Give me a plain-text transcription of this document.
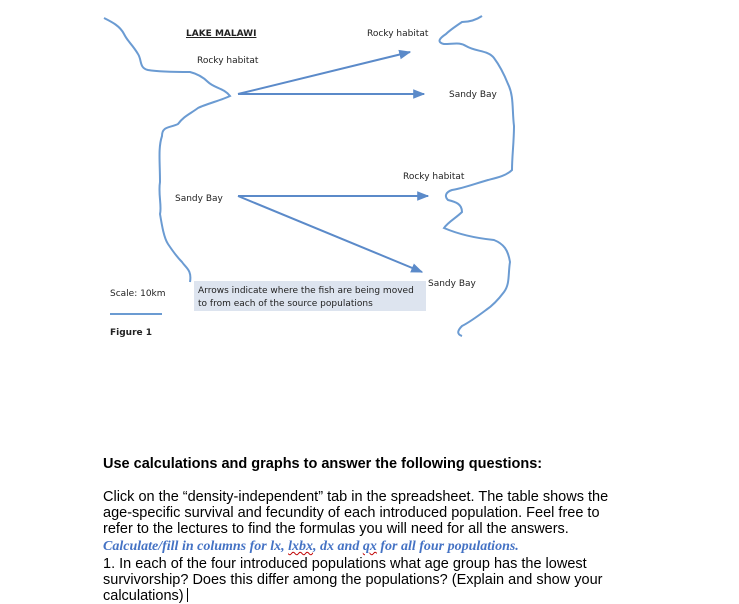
LAKE MALAWI	Rocky habitat
Rocky habitat
Sandy Bay
Rocky habitat
Sandy Bay
Sandy Bay
Scale: 10km
Figure 1
Arrows indicate where the fish are being moved
to from each of the source populations
Use calculations and graphs to answer the following questions:
Click on the “density-independent” tab in the spreadsheet. The table shows the
age-specific survival and fecundity of each introduced population. Feel free to
refer to the lectures to find the formulas you will need for all the answers.
Calculate/fill in columns for lx, lxbx, dx and qx for all four populations.
1. In each of the four introduced populations what age group has the lowest
survivorship? Does this differ among the populations? (Explain and show your
calculations)
